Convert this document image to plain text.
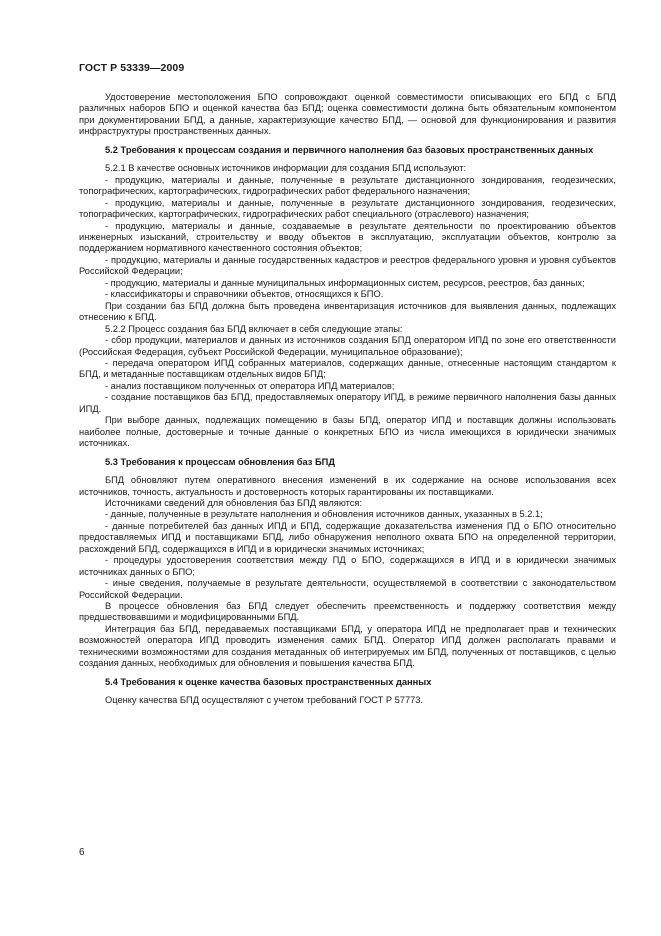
ГОСТ Р 53339—2009

Удостоверение местоположения БПО сопровождают оценкой совместимости описывающих его БПД с БПД различных наборов БПО и оценкой качества баз БПД; оценка совместимости должна быть обязательным компонентом при документировании БПД, а данные, характеризующие качество БПД, — основой для функционирования и развития инфраструктуры пространственных данных.

5.2 Требования к процессам создания и первичного наполнения баз базовых пространственных данных

5.2.1 В качестве основных источников информации для создания БПД используют:

- продукцию, материалы и данные, полученные в результате дистанционного зондирования, геодезических, топографических, картографических, гидрографических работ федерального назначения;

- продукцию, материалы и данные, полученные в результате дистанционного зондирования, геодезических, топографических, картографических, гидрографических работ специального (отраслевого) назначения;

- продукцию, материалы и данные, создаваемые в результате деятельности по проектированию объектов инженерных изысканий, строительству и вводу объектов в эксплуатацию, эксплуатации объектов, контролю за поддержанием нормативного качественного состояния объектов;

- продукцию, материалы и данные государственных кадастров и реестров федерального уровня и уровня субъектов Российской Федерации;

- продукцию, материалы и данные муниципальных информационных систем, ресурсов, реестров, баз данных;

- классификаторы и справочники объектов, относящихся к БПО.

При создании баз БПД должна быть проведена инвентаризация источников для выявления данных, подлежащих отнесению к БПД.

5.2.2 Процесс создания баз БПД включает в себя следующие этапы:

- сбор продукции, материалов и данных из источников создания БПД оператором ИПД по зоне его ответственности (Российская Федерация, субъект Российской Федерации, муниципальное образование);

- передача оператором ИПД собранных материалов, содержащих данные, отнесенные настоящим стандартом к БПД, и метаданные поставщикам отдельных видов БПД;

- анализ поставщиком полученных от оператора ИПД материалов;

- создание поставщиков баз БПД, предоставляемых оператору ИПД, в режиме первичного наполнения базы данных ИПД.

При выборе данных, подлежащих помещению в базы БПД, оператор ИПД и поставщик должны использовать наиболее полные, достоверные и точные данные о конкретных БПО из числа имеющихся в юридически значимых источниках.

5.3 Требования к процессам обновления баз БПД

БПД обновляют путем оперативного внесения изменений в их содержание на основе использования всех источников, точность, актуальность и достоверность которых гарантированы их поставщиками.

Источниками сведений для обновления баз БПД являются:

- данные, полученные в результате наполнения и обновления источников данных, указанных в 5.2.1;

- данные потребителей баз данных ИПД и БПД, содержащие доказательства изменения ПД о БПО относительно предоставляемых ИПД и поставщиками БПД, либо обнаружения неполного охвата БПО на определенной территории, расхождений БПД, содержащихся в ИПД и в юридически значимых источниках;

- процедуры удостоверения соответствия между ПД о БПО, содержащихся в ИПД и в юридически значимых источниках данных о БПО;

- иные сведения, получаемые в результате деятельности, осуществляемой в соответствии с законодательством Российской Федерации.

В процессе обновления баз БПД следует обеспечить преемственность и поддержку соответствия между предшествовавшими и модифицированными БПД.

Интеграция баз БПД, передаваемых поставщиками БПД, у оператора ИПД не предполагает прав и технических возможностей оператора ИПД проводить изменения самих БПД. Оператор ИПД должен располагать правами и техническими возможностями для создания метаданных об интегрируемых им БПД, полученных от поставщиков, с целью создания данных, необходимых для обновления и повышения качества БПД.

5.4 Требования к оценке качества базовых пространственных данных

Оценку качества БПД осуществляют с учетом требований ГОСТ Р 57773.

6
